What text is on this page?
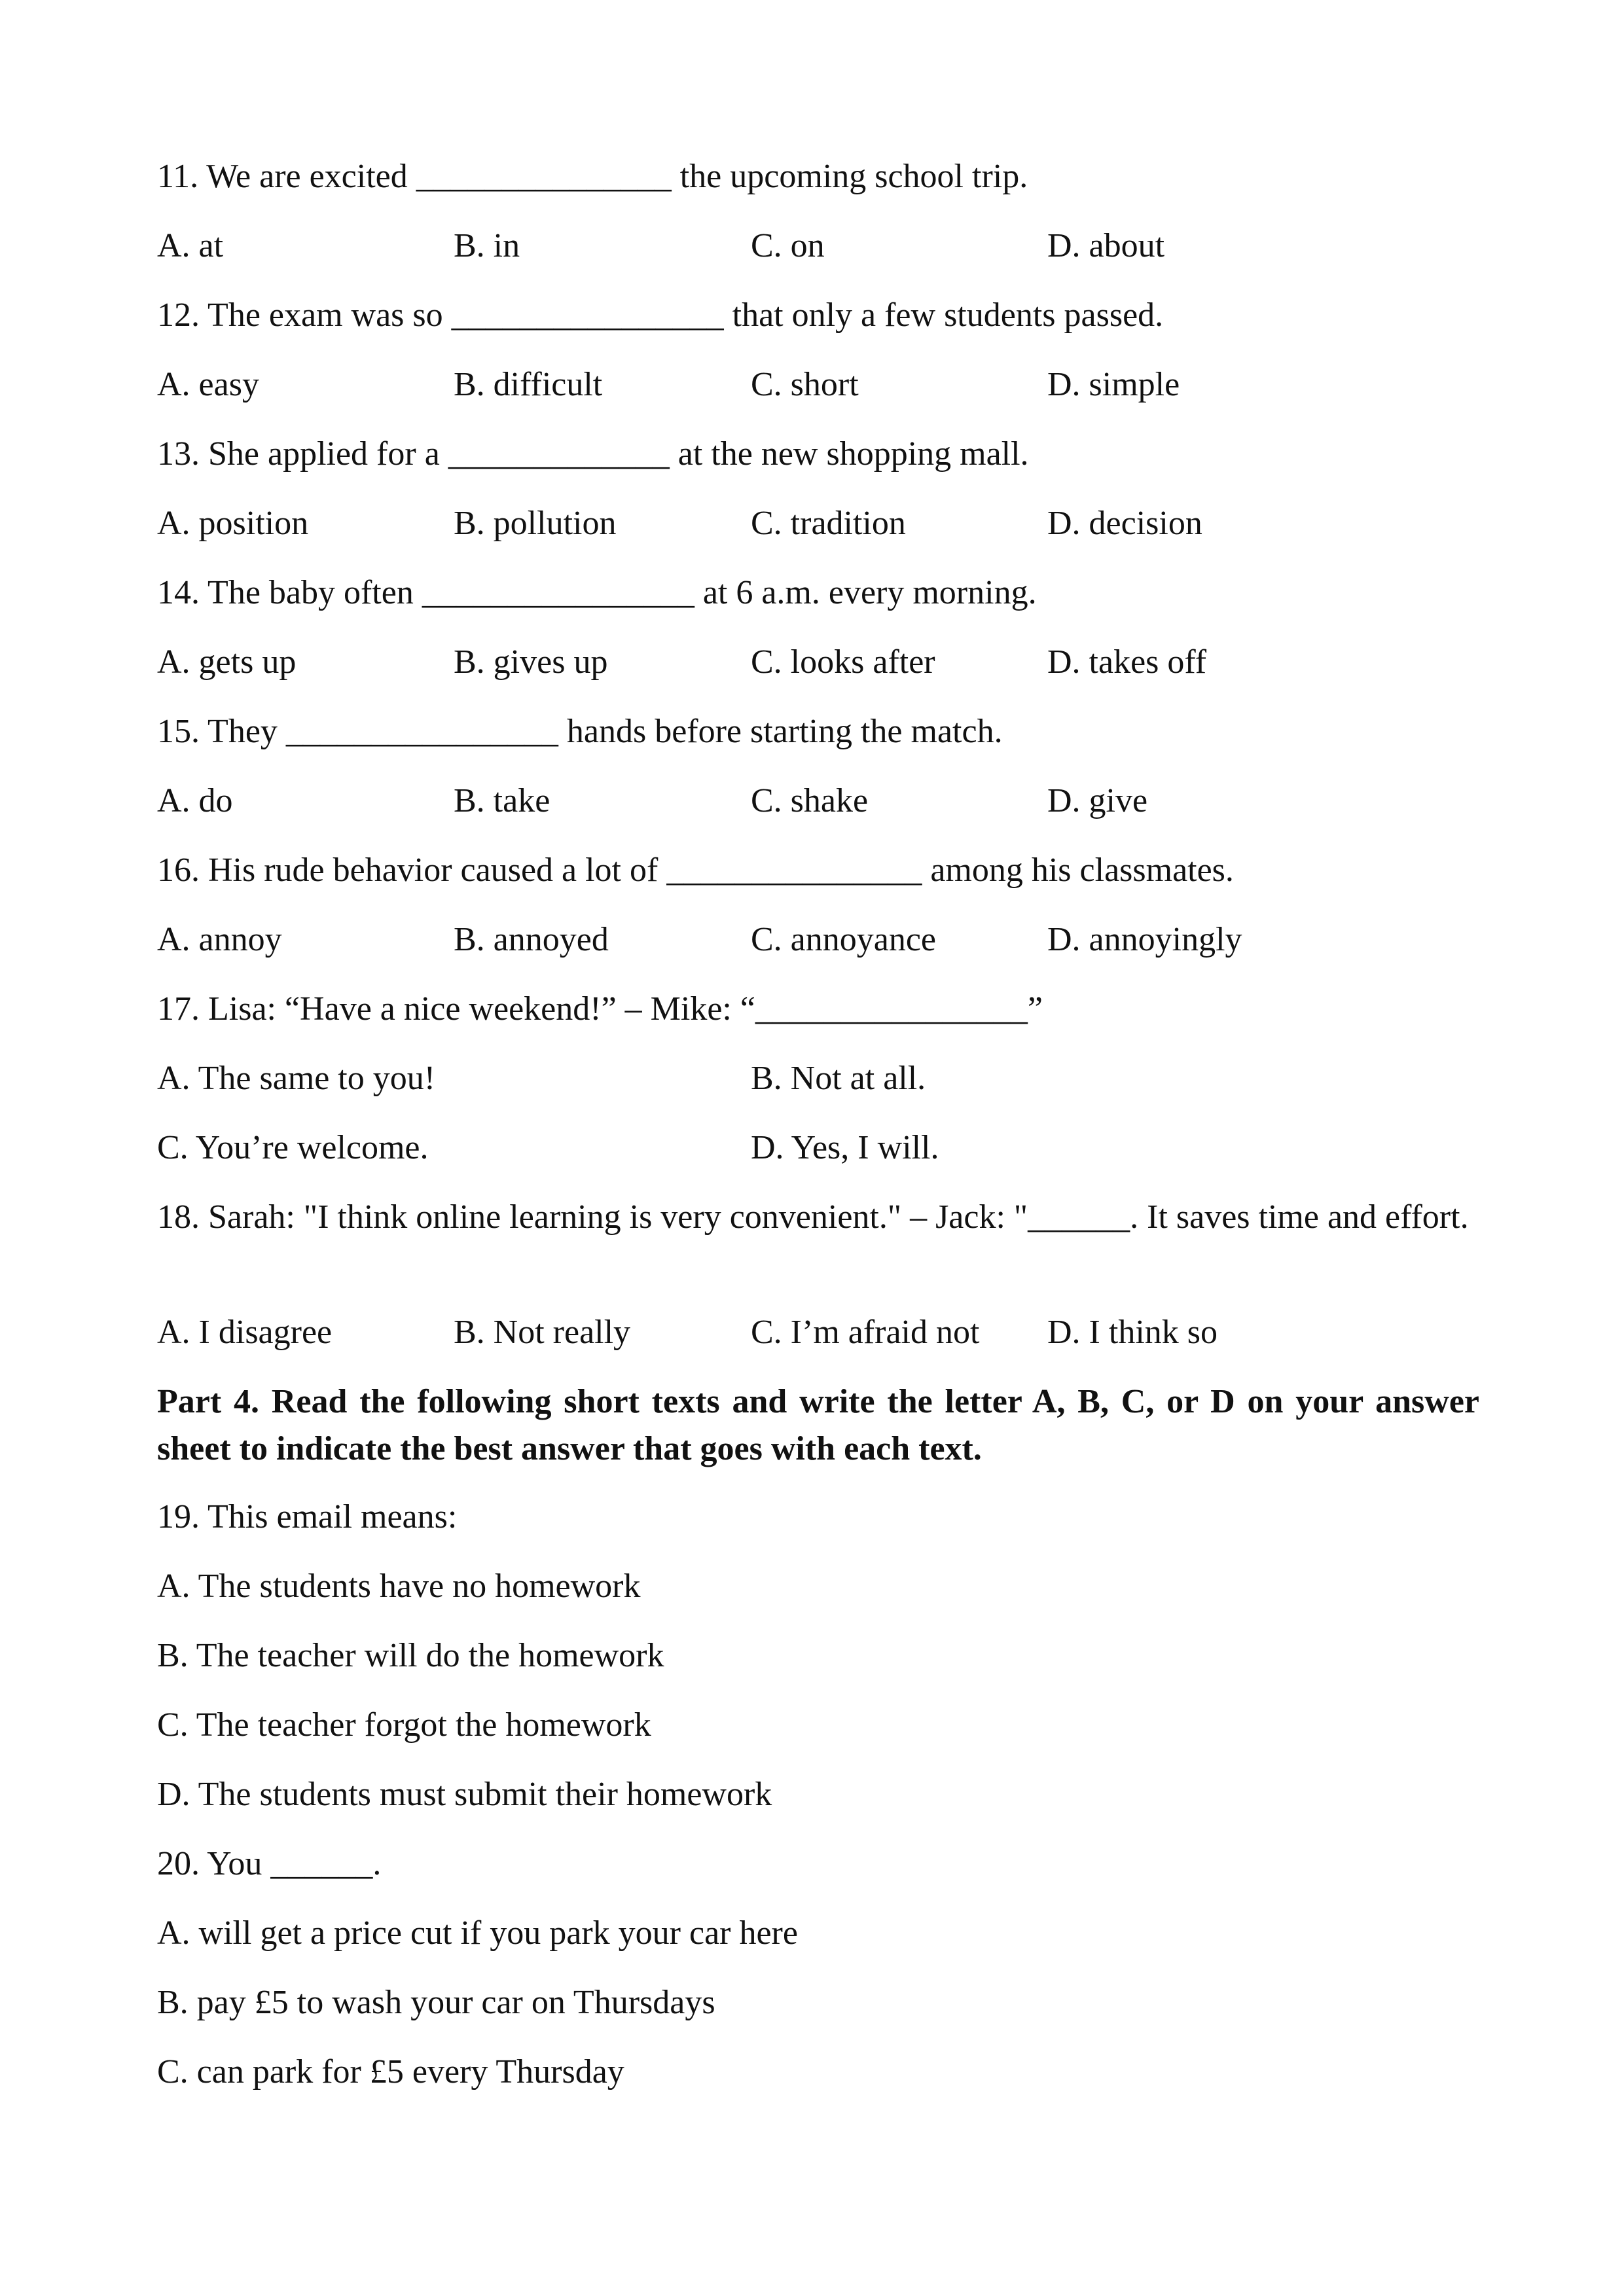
11. We are excited _______________ the upcoming school trip.
A. at	B. in	C. on	D. about
12. The exam was so ________________ that only a few students passed.
A. easy	B. difficult	C. short	D. simple
13. She applied for a _____________ at the new shopping mall.
A. position	B. pollution	C. tradition	D. decision
14. The baby often ________________ at 6 a.m. every morning.
A. gets up	B. gives up	C. looks after	D. takes off
15. They ________________ hands before starting the match.
A. do	B. take	C. shake	D. give
16. His rude behavior caused a lot of _______________ among his classmates.
A. annoy	B. annoyed	C. annoyance	D. annoyingly
17. Lisa: “Have a nice weekend!” – Mike: “________________”
A. The same to you!	B. Not at all.
C. You’re welcome.	D. Yes, I will.
18. Sarah: "I think online learning is very convenient." – Jack: "______. It saves time and effort.
A. I disagree	B. Not really	C. I’m afraid not D. I think so
Part 4. Read the following short texts and write the letter A, B, C, or D on your answer sheet to indicate the best answer that goes with each text.
19. This email means:
A. The students have no homework
B. The teacher will do the homework
C. The teacher forgot the homework
D. The students must submit their homework
20. You ______.
A. will get a price cut if you park your car here
B. pay £5 to wash your car on Thursdays
C. can park for £5 every Thursday
